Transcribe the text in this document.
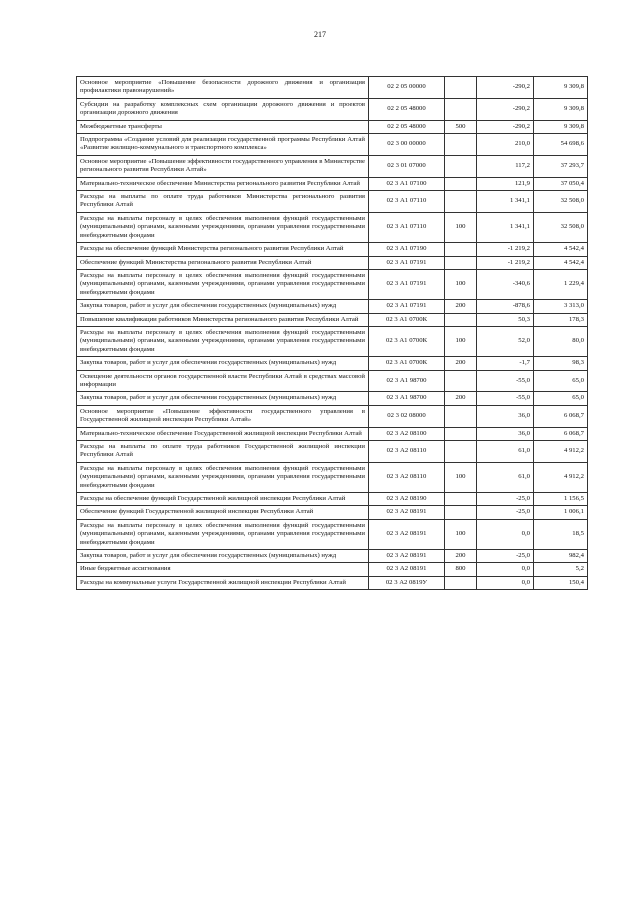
217
Основное мероприятие «Повышение безопасности дорожного движения и организация профилактики правонарушений»	02 2 05 00000		-290,2	9 309,8
Субсидии на разработку комплексных схем организации дорожного движения и проектов организации дорожного движения	02 2 05 48000		-290,2	9 309,8
Межбюджетные трансферты	02 2 05 48000	500	-290,2	9 309,8
Подпрограмма «Создание условий для реализации государственной программы Республики Алтай «Развитие жилищно-коммунального и транспортного комплекса»	02 3 00 00000		210,0	54 698,6
Основное мероприятие «Повышение эффективности государственного управления в Министерстве регионального развития Республики Алтай»	02 3 01 07000		117,2	37 293,7
Материально-техническое обеспечение Министерства регионального развития Республики Алтай	02 3 А1 07100		121,9	37 050,4
Расходы на выплаты по оплате труда работников Министерства регионального развития Республики Алтай	02 3 А1 07110		1 341,1	32 508,0
Расходы на выплаты персоналу в целях обеспечения выполнения функций государственными (муниципальными) органами, казенными учреждениями, органами управления государственными внебюджетными фондами	02 3 А1 07110	100	1 341,1	32 508,0
Расходы на обеспечение функций Министерства регионального развития Республики Алтай	02 3 А1 07190		-1 219,2	4 542,4
Обеспечение функций Министерства регионального развития Республики Алтай	02 3 А1 07191		-1 219,2	4 542,4
Расходы на выплаты персоналу в целях обеспечения выполнения функций государственными (муниципальными) органами, казенными учреждениями, органами управления государственными внебюджетными фондами	02 3 А1 07191	100	-340,6	1 229,4
Закупка товаров, работ и услуг для обеспечения государственных (муниципальных) нужд	02 3 А1 07191	200	-878,6	3 313,0
Повышение квалификации работников Министерства регионального развития Республики Алтай	02 3 А1 0700К		50,3	178,3
Расходы на выплаты персоналу в целях обеспечения выполнения функций государственными (муниципальными) органами, казенными учреждениями, органами управления государственными внебюджетными фондами	02 3 А1 0700К	100	52,0	80,0
Закупка товаров, работ и услуг для обеспечения государственных (муниципальных) нужд	02 3 А1 0700К	200	-1,7	98,3
Освещение деятельности органов государственной власти Республики Алтай в средствах массовой информации	02 3 А1 98700		-55,0	65,0
Закупка товаров, работ и услуг для обеспечения государственных (муниципальных) нужд	02 3 А1 98700	200	-55,0	65,0
Основное мероприятие «Повышение эффективности государственного управления в Государственной жилищной инспекции Республики Алтай»	02 3 02 08000		36,0	6 068,7
Материально-техническое обеспечение Государственной жилищной инспекции Республики Алтай	02 3 А2 08100		36,0	6 068,7
Расходы на выплаты по оплате труда работников Государственной жилищной инспекции Республики Алтай	02 3 А2 08110		61,0	4 912,2
Расходы на выплаты персоналу в целях обеспечения выполнения функций государственными (муниципальными) органами, казенными учреждениями, органами управления государственными внебюджетными фондами	02 3 А2 08110	100	61,0	4 912,2
Расходы на обеспечение функций Государственной жилищной инспекции Республики Алтай	02 3 А2 08190		-25,0	1 156,5
Обеспечение функций Государственной жилищной инспекции Республики Алтай	02 3 А2 08191		-25,0	1 006,1
Расходы на выплаты персоналу в целях обеспечения выполнения функций государственными (муниципальными) органами, казенными учреждениями, органами управления государственными внебюджетными фондами	02 3 А2 08191	100	0,0	18,5
Закупка товаров, работ и услуг для обеспечения государственных (муниципальных) нужд	02 3 А2 08191	200	-25,0	982,4
Иные бюджетные ассигнования	02 3 А2 08191	800	0,0	5,2
Расходы на коммунальные услуги Государственной жилищной инспекции Республики Алтай	02 3 А2 0819У		0,0	150,4
